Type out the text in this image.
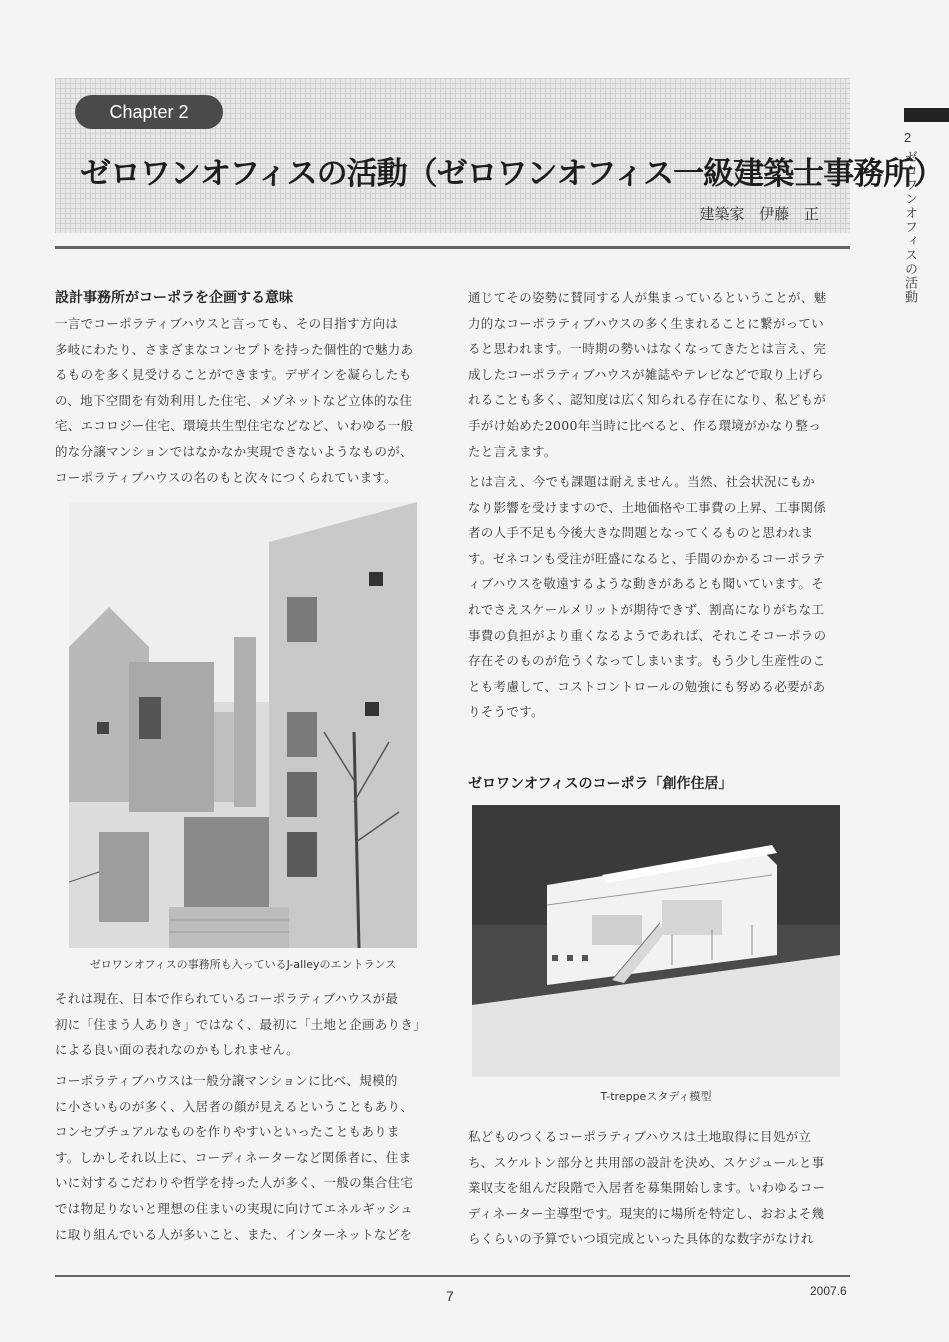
Chapter 2
ゼロワンオフィスの活動（ゼロワンオフィス一級建築士事務所）
建築家 伊藤 正
2
ゼロワンオフィスの活動
設計事務所がコーポラを企画する意味
一言でコーポラティブハウスと言っても、その目指す方向は
多岐にわたり、さまざまなコンセプトを持った個性的で魅力あ
るものを多く見受けることができます。デザインを凝らしたも
の、地下空間を有効利用した住宅、メゾネットなど立体的な住
宅、エコロジー住宅、環境共生型住宅などなど、いわゆる一般
的な分譲マンションではなかなか実現できないようなものが、
コーポラティブハウスの名のもと次々につくられています。
ゼロワンオフィスの事務所も入っているJ-alleyのエントランス
それは現在、日本で作られているコーポラティブハウスが最
初に「住まう人ありき」ではなく、最初に「土地と企画ありき」
による良い面の表れなのかもしれません。
コーポラティブハウスは一般分譲マンションに比べ、規模的
に小さいものが多く、入居者の顔が見えるということもあり、
コンセプチュアルなものを作りやすいといったこともありま
す。しかしそれ以上に、コーディネーターなど関係者に、住ま
いに対するこだわりや哲学を持った人が多く、一般の集合住宅
では物足りないと理想の住まいの実現に向けてエネルギッシュ
に取り組んでいる人が多いこと、また、インターネットなどを
通じてその姿勢に賛同する人が集まっているということが、魅
力的なコーポラティブハウスの多く生まれることに繋がってい
ると思われます。一時期の勢いはなくなってきたとは言え、完
成したコーポラティブハウスが雑誌やテレビなどで取り上げら
れることも多く、認知度は広く知られる存在になり、私どもが
手がけ始めた2000年当時に比べると、作る環境がかなり整っ
たと言えます。
とは言え、今でも課題は耐えません。当然、社会状況にもか
なり影響を受けますので、土地価格や工事費の上昇、工事関係
者の人手不足も今後大きな問題となってくるものと思われま
す。ゼネコンも受注が旺盛になると、手間のかかるコーポラテ
ィブハウスを敬遠するような動きがあるとも聞いています。そ
れでさえスケールメリットが期待できず、割高になりがちな工
事費の負担がより重くなるようであれば、それこそコーポラの
存在そのものが危うくなってしまいます。もう少し生産性のこ
とも考慮して、コストコントロールの勉強にも努める必要があ
りそうです。
ゼロワンオフィスのコーポラ「創作住居」
T-treppeスタディ模型
私どものつくるコーポラティブハウスは土地取得に目処が立
ち、スケルトン部分と共用部の設計を決め、スケジュールと事
業収支を組んだ段階で入居者を募集開始します。いわゆるコー
ディネーター主導型です。現実的に場所を特定し、おおよそ幾
らくらいの予算でいつ頃完成といった具体的な数字がなけれ
7	2007.6
